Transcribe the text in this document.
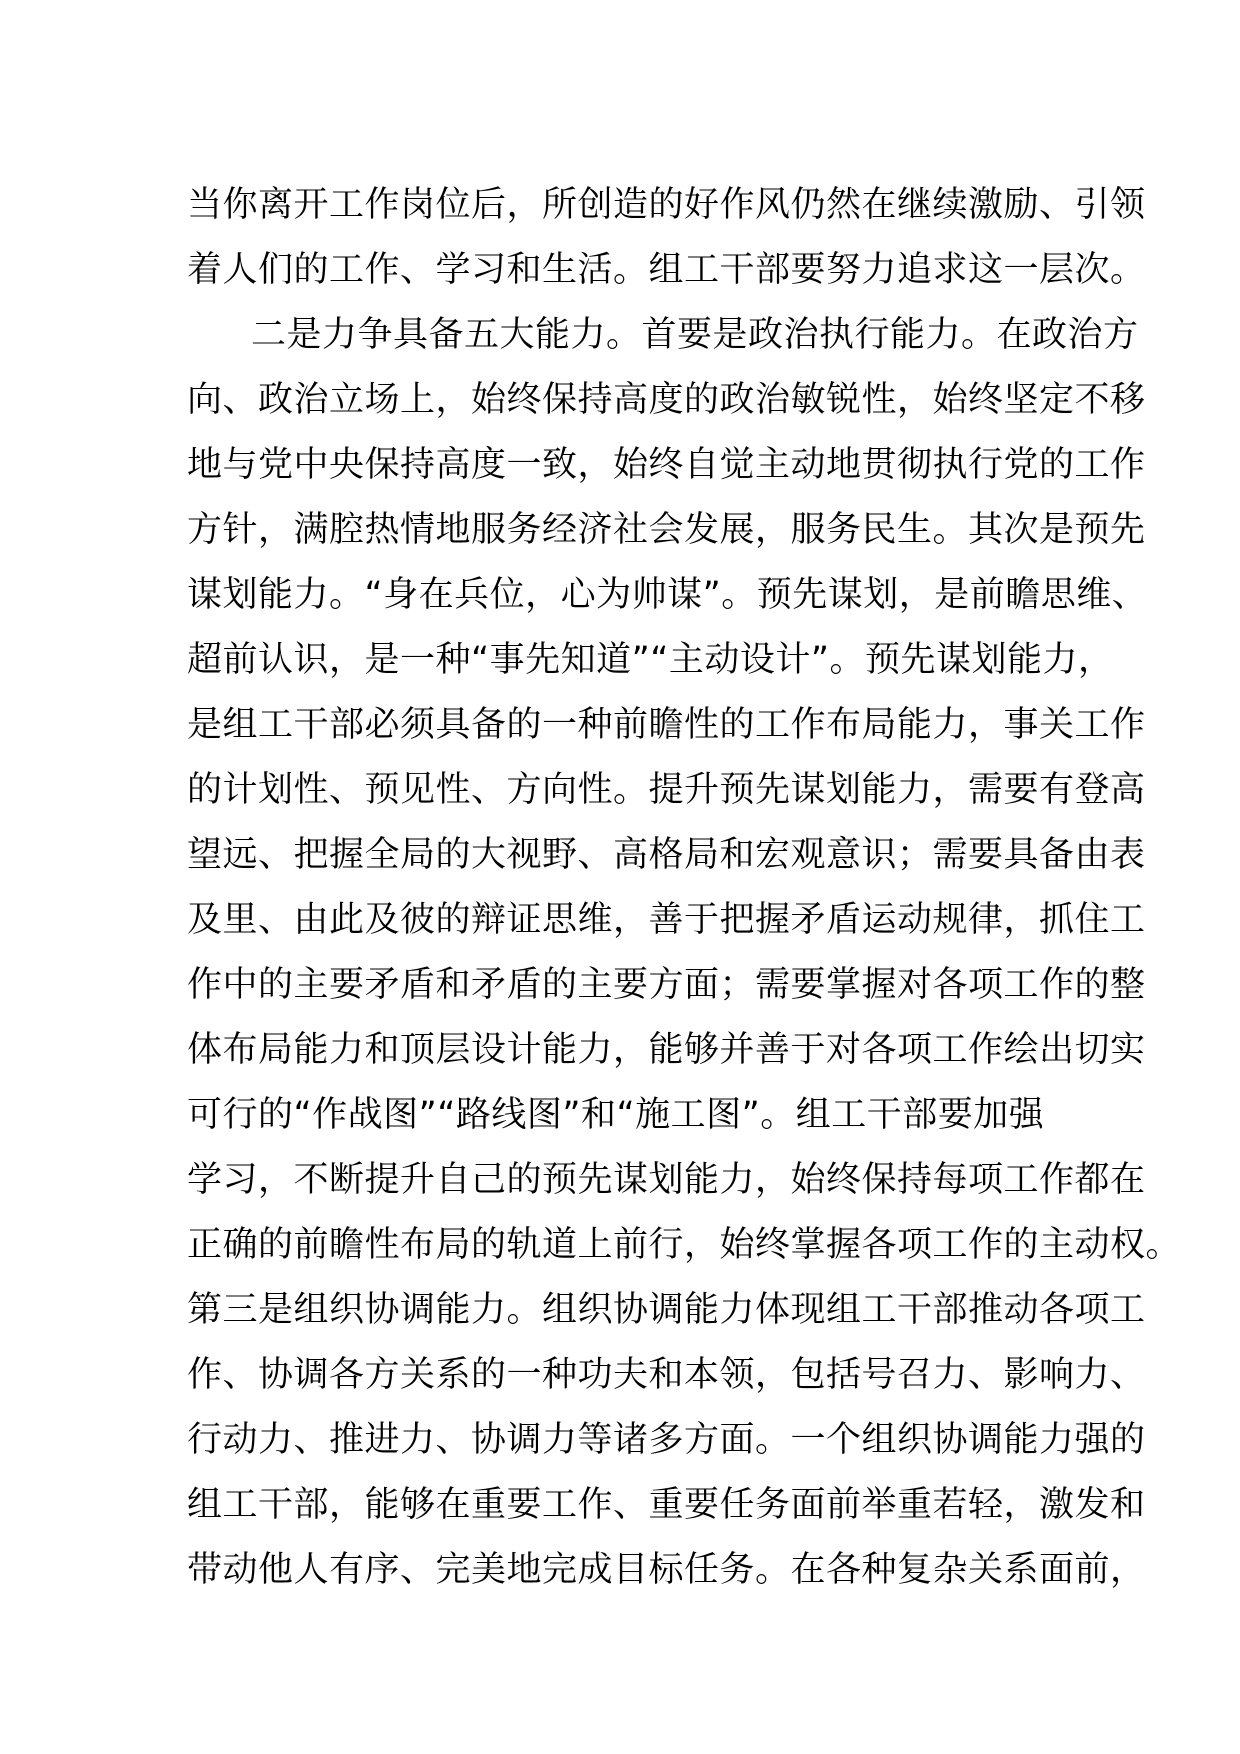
当你离开工作岗位后，所创造的好作风仍然在继续激励、引领
着人们的工作、学习和生活。组工干部要努力追求这一层次。
二是力争具备五大能力。首要是政治执行能力。在政治方
向、政治立场上，始终保持高度的政治敏锐性，始终坚定不移
地与党中央保持高度一致，始终自觉主动地贯彻执行党的工作
方针，满腔热情地服务经济社会发展，服务民生。其次是预先
谋划能力。“身在兵位，心为帅谋”。预先谋划，是前瞻思维、
超前认识，是一种“事先知道”“主动设计”。预先谋划能力，
是组工干部必须具备的一种前瞻性的工作布局能力，事关工作
的计划性、预见性、方向性。提升预先谋划能力，需要有登高
望远、把握全局的大视野、高格局和宏观意识；需要具备由表
及里、由此及彼的辩证思维，善于把握矛盾运动规律，抓住工
作中的主要矛盾和矛盾的主要方面；需要掌握对各项工作的整
体布局能力和顶层设计能力，能够并善于对各项工作绘出切实
可行的“作战图”“路线图”和“施工图”。组工干部要加强
学习，不断提升自己的预先谋划能力，始终保持每项工作都在
正确的前瞻性布局的轨道上前行，始终掌握各项工作的主动权。
第三是组织协调能力。组织协调能力体现组工干部推动各项工
作、协调各方关系的一种功夫和本领，包括号召力、影响力、
行动力、推进力、协调力等诸多方面。一个组织协调能力强的
组工干部，能够在重要工作、重要任务面前举重若轻，激发和
带动他人有序、完美地完成目标任务。在各种复杂关系面前，
